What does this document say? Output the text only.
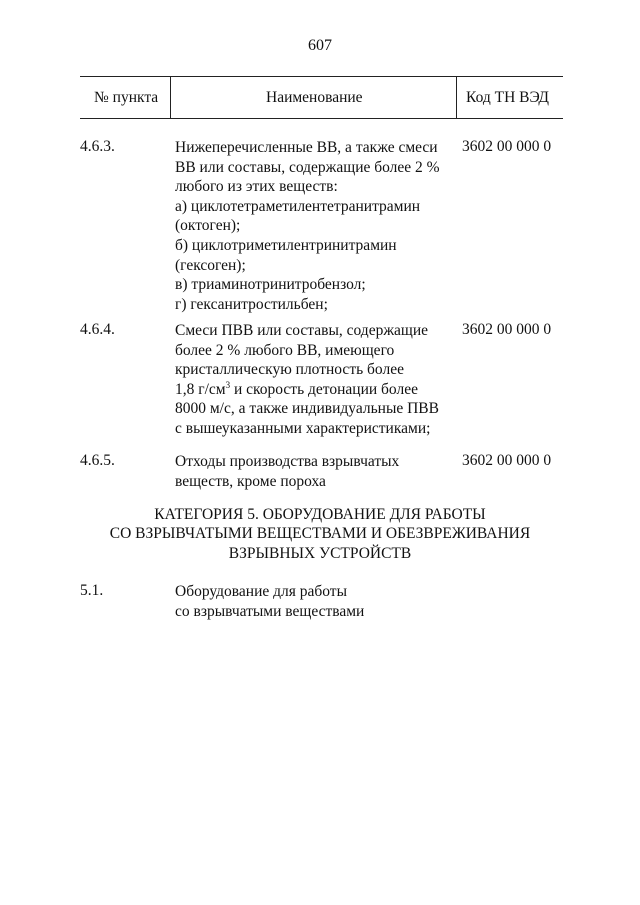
607
№ пункта	Наименование	Код ТН ВЭД
4.6.3.	Нижеперечисленные ВВ, а также смеси
ВВ или составы, содержащие более 2 %
любого из этих веществ:
а) циклотетраметилентетранитрамин
(октоген);
б) циклотриметилентринитрамин
(гексоген);
в) триаминотринитробензол;
г) гексанитростильбен;
3602 00 000 0
4.6.4.	Смеси ПВВ или составы, содержащие
более 2 % любого ВВ, имеющего
кристаллическую плотность более
1,8 $г/см^3$ и скорость детонации более
8000 м/с, а также индивидуальные ПВВ
с вышеуказанными характеристиками;
3602 00 000 0
4.6.5.	Отходы производства взрывчатых
веществ, кроме пороха
3602 00 000 0
КАТЕГОРИЯ 5. ОБОРУДОВАНИЕ ДЛЯ РАБОТЫ
СО ВЗРЫВЧАТЫМИ ВЕЩЕСТВАМИ И ОБЕЗВРЕЖИВАНИЯ
ВЗРЫВНЫХ УСТРОЙСТВ
5.1.	Оборудование для работы
со взрывчатыми веществами
